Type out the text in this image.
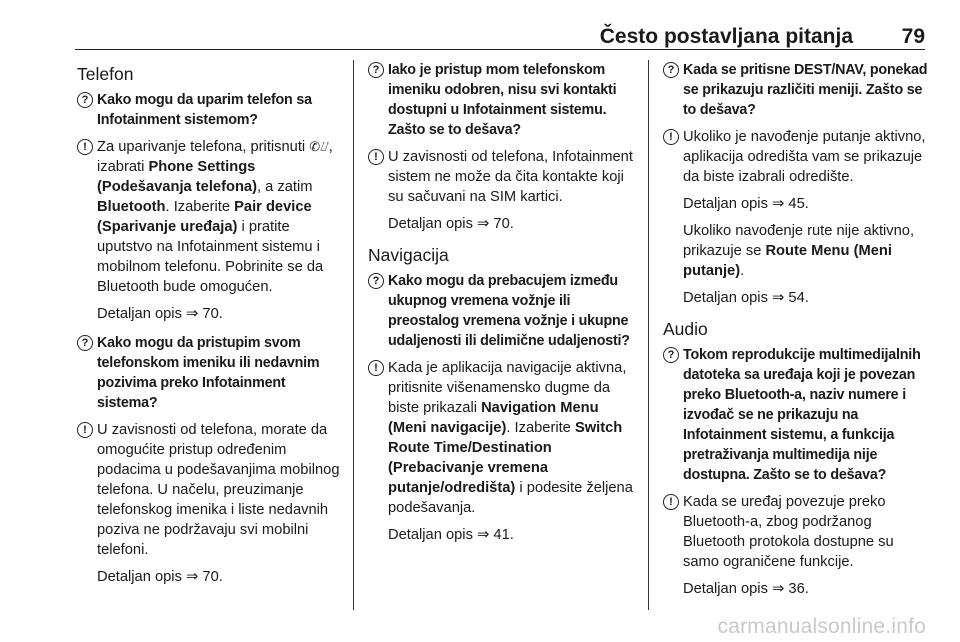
Često postavljana pitanja 79
Telefon
? Kako mogu da uparim telefon sa Infotainment sistemom?
! Za uparivanje telefona, pritisnuti ✆⌰, izabrati Phone Settings (Podešavanja telefona), a zatim Bluetooth. Izaberite Pair device (Sparivanje uređaja) i pratite uputstvo na Infotainment sistemu i mobilnom telefonu. Pobrinite se da Bluetooth bude omogućen.
Detaljan opis ⇒ 70.
? Kako mogu da pristupim svom telefonskom imeniku ili nedavnim pozivima preko Infotainment sistema?
! U zavisnosti od telefona, morate da omogućite pristup određenim podacima u podešavanjima mobilnog telefona. U načelu, preuzimanje telefonskog imenika i liste nedavnih poziva ne podržavaju svi mobilni telefoni.
Detaljan opis ⇒ 70.
? Iako je pristup mom telefonskom imeniku odobren, nisu svi kontakti dostupni u Infotainment sistemu. Zašto se to dešava?
! U zavisnosti od telefona, Infotainment sistem ne može da čita kontakte koji su sačuvani na SIM kartici.
Detaljan opis ⇒ 70.
Navigacija
? Kako mogu da prebacujem između ukupnog vremena vožnje ili preostalog vremena vožnje i ukupne udaljenosti ili delimične udaljenosti?
! Kada je aplikacija navigacije aktivna, pritisnite višenamensko dugme da biste prikazali Navigation Menu (Meni navigacije). Izaberite Switch Route Time/Destination (Prebacivanje vremena putanje/odredišta) i podesite željena podešavanja.
Detaljan opis ⇒ 41.
? Kada se pritisne DEST/NAV, ponekad se prikazuju različiti meniji. Zašto se to dešava?
! Ukoliko je navođenje putanje aktivno, aplikacija odredišta vam se prikazuje da biste izabrali odredište.
Detaljan opis ⇒ 45.
Ukoliko navođenje rute nije aktivno, prikazuje se Route Menu (Meni putanje).
Detaljan opis ⇒ 54.
Audio
? Tokom reprodukcije multimedijalnih datoteka sa uređaja koji je povezan preko Bluetooth-a, naziv numere i izvođač se ne prikazuju na Infotainment sistemu, a funkcija pretraživanja multimedija nije dostupna. Zašto se to dešava?
! Kada se uređaj povezuje preko Bluetooth-a, zbog podržanog Bluetooth protokola dostupne su samo ograničene funkcije.
Detaljan opis ⇒ 36.
carmanualsonline.info
